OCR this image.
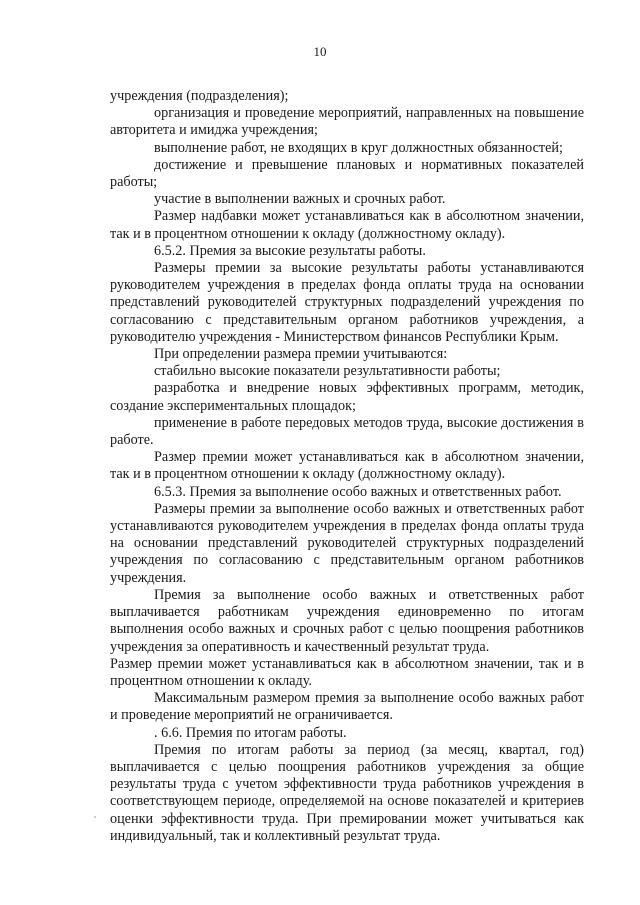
10

учреждения (подразделения);

организация и проведение мероприятий, направленных на повышение авторитета и имиджа учреждения;

выполнение работ, не входящих в круг должностных обязанностей;

достижение и превышение плановых и нормативных показателей работы;

участие в выполнении важных и срочных работ.

Размер надбавки может устанавливаться как в абсолютном значении, так и в процентном отношении к окладу (должностному окладу).

6.5.2. Премия за высокие результаты работы.

Размеры премии за высокие результаты работы устанавливаются руководителем учреждения в пределах фонда оплаты труда на основании представлений руководителей структурных подразделений учреждения по согласованию с представительным органом работников учреждения, а руководителю учреждения - Министерством финансов Республики Крым.

При определении размера премии учитываются:

стабильно высокие показатели результативности работы;

разработка и внедрение новых эффективных программ, методик, создание экспериментальных площадок;

применение в работе передовых методов труда, высокие достижения в работе.

Размер премии может устанавливаться как в абсолютном значении, так и в процентном отношении к окладу (должностному окладу).

6.5.3. Премия за выполнение особо важных и ответственных работ.

Размеры премии за выполнение особо важных и ответственных работ устанавливаются руководителем учреждения в пределах фонда оплаты труда на основании представлений руководителей структурных подразделений учреждения по согласованию с представительным органом работников учреждения.

Премия за выполнение особо важных и ответственных работ выплачивается работникам учреждения единовременно по итогам выполнения особо важных и срочных работ с целью поощрения работников учреждения за оперативность и качественный результат труда.

Размер премии может устанавливаться как в абсолютном значении, так и в процентном отношении к окладу.

Максимальным размером премия за выполнение особо важных работ и проведение мероприятий не ограничивается.

. 6.6. Премия по итогам работы.

Премия по итогам работы за период (за месяц, квартал, год) выплачивается с целью поощрения работников учреждения за общие результаты труда с учетом эффективности труда работников учреждения в соответствующем периоде, определяемой на основе показателей и критериев оценки эффективности труда. При премировании может учитываться как индивидуальный, так и коллективный результат труда.
